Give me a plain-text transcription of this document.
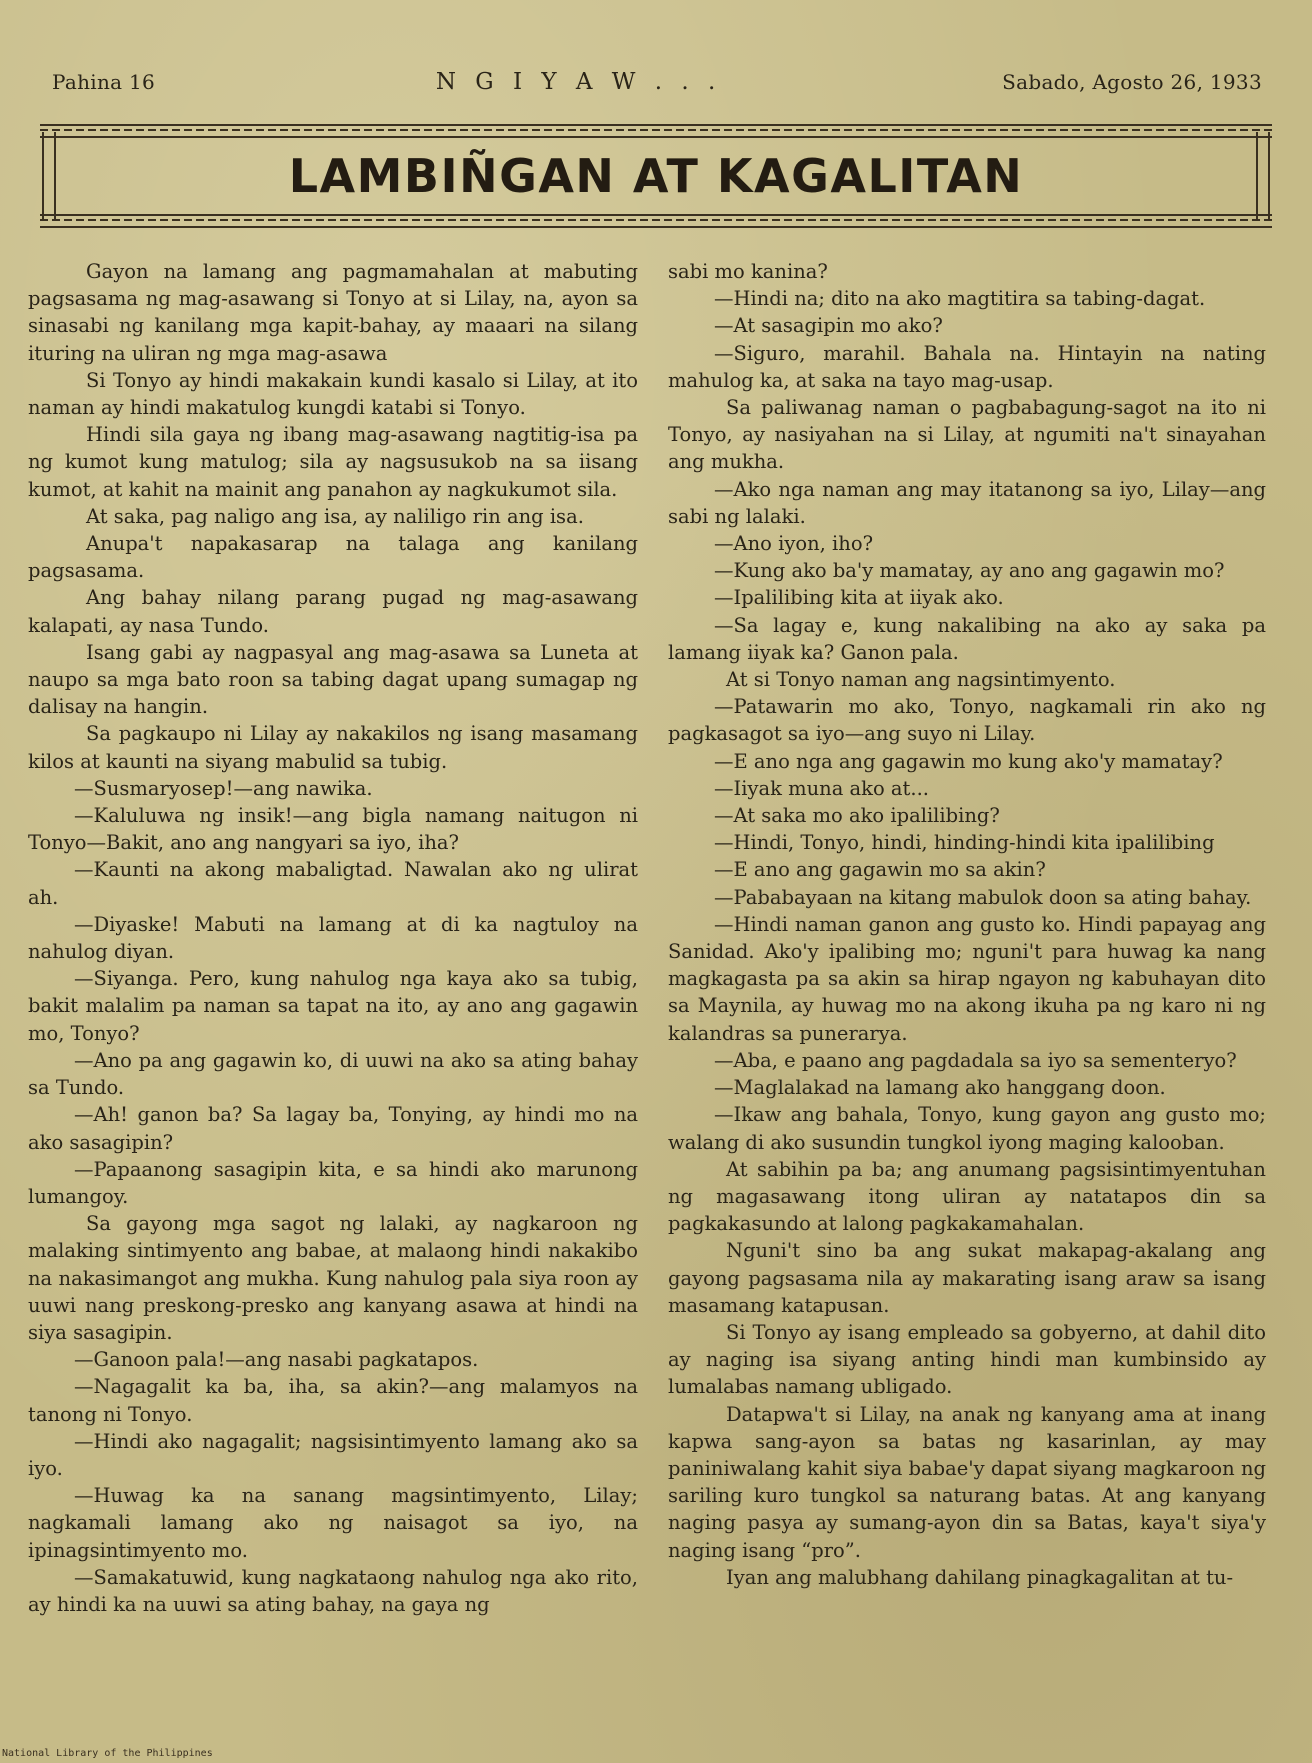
Pahina 16	N G I Y A W . . .	Sabado, Agosto 26, 1933
LAMBIÑGAN AT KAGALITAN

Gayon na lamang ang pagmamahalan at mabuting pagsasama ng mag-asawang si Tonyo at si Lilay, na, ayon sa sinasabi ng kanilang mga kapit-bahay, ay maaari na silang ituring na uliran ng mga mag-asawa

Si Tonyo ay hindi makakain kundi kasalo si Lilay, at ito naman ay hindi makatulog kungdi katabi si Tonyo.

Hindi sila gaya ng ibang mag-asawang nagtitig-isa pa ng kumot kung matulog; sila ay nagsusukob na sa iisang kumot, at kahit na mainit ang panahon ay nagkukumot sila.

At saka, pag naligo ang isa, ay naliligo rin ang isa.

Anupa't napakasarap na talaga ang kanilang pagsasama.

Ang bahay nilang parang pugad ng mag-asawang kalapati, ay nasa Tundo.

Isang gabi ay nagpasyal ang mag-asawa sa Luneta at naupo sa mga bato roon sa tabing dagat upang sumagap ng dalisay na hangin.

Sa pagkaupo ni Lilay ay nakakilos ng isang masamang kilos at kaunti na siyang mabulid sa tubig.

—Susmaryosep!—ang nawika.

—Kaluluwa ng insik!—ang bigla namang naitugon ni Tonyo—Bakit, ano ang nangyari sa iyo, iha?

—Kaunti na akong mabaligtad. Nawalan ako ng ulirat ah.

—Diyaske! Mabuti na lamang at di ka nagtuloy na nahulog diyan.

—Siyanga. Pero, kung nahulog nga kaya ako sa tubig, bakit malalim pa naman sa tapat na ito, ay ano ang gagawin mo, Tonyo?

—Ano pa ang gagawin ko, di uuwi na ako sa ating bahay sa Tundo.

—Ah! ganon ba? Sa lagay ba, Tonying, ay hindi mo na ako sasagipin?

—Papaanong sasagipin kita, e sa hindi ako marunong lumangoy.

Sa gayong mga sagot ng lalaki, ay nagkaroon ng malaking sintimyento ang babae, at malaong hindi nakakibo na nakasimangot ang mukha. Kung nahulog pala siya roon ay uuwi nang preskong-presko ang kanyang asawa at hindi na siya sasagipin.

—Ganoon pala!—ang nasabi pagkatapos.

—Nagagalit ka ba, iha, sa akin?—ang malamyos na tanong ni Tonyo.

—Hindi ako nagagalit; nagsisintimyento lamang ako sa iyo.

—Huwag ka na sanang magsintimyento, Lilay; nagkamali lamang ako ng naisagot sa iyo, na ipinagsintimyento mo.

—Samakatuwid, kung nagkataong nahulog nga ako rito, ay hindi ka na uuwi sa ating bahay, na gaya ng

sabi mo kanina?

—Hindi na; dito na ako magtitira sa tabing-dagat.

—At sasagipin mo ako?

—Siguro, marahil. Bahala na. Hintayin na nating mahulog ka, at saka na tayo mag-usap.

Sa paliwanag naman o pagbabagung-sagot na ito ni Tonyo, ay nasiyahan na si Lilay, at ngumiti na't sinayahan ang mukha.

—Ako nga naman ang may itatanong sa iyo, Lilay—ang sabi ng lalaki.

—Ano iyon, iho?

—Kung ako ba'y mamatay, ay ano ang gagawin mo?

—Ipalilibing kita at iiyak ako.

—Sa lagay e, kung nakalibing na ako ay saka pa lamang iiyak ka? Ganon pala.

At si Tonyo naman ang nagsintimyento.

—Patawarin mo ako, Tonyo, nagkamali rin ako ng pagkasagot sa iyo—ang suyo ni Lilay.

—E ano nga ang gagawin mo kung ako'y mamatay?

—Iiyak muna ako at...

—At saka mo ako ipalilibing?

—Hindi, Tonyo, hindi, hinding-hindi kita ipalilibing

—E ano ang gagawin mo sa akin?

—Pababayaan na kitang mabulok doon sa ating bahay.

—Hindi naman ganon ang gusto ko. Hindi papayag ang Sanidad. Ako'y ipalibing mo; nguni't para huwag ka nang magkagasta pa sa akin sa hirap ngayon ng kabuhayan dito sa Maynila, ay huwag mo na akong ikuha pa ng karo ni ng kalandras sa punerarya.

—Aba, e paano ang pagdadala sa iyo sa sementeryo?

—Maglalakad na lamang ako hanggang doon.

—Ikaw ang bahala, Tonyo, kung gayon ang gusto mo; walang di ako susundin tungkol iyong maging kalooban.

At sabihin pa ba; ang anumang pagsisintimyentuhan ng magasawang itong uliran ay natatapos din sa pagkakasundo at lalong pagkakamahalan.

Nguni't sino ba ang sukat makapag-akalang ang gayong pagsasama nila ay makarating isang araw sa isang masamang katapusan.

Si Tonyo ay isang empleado sa gobyerno, at dahil dito ay naging isa siyang anting hindi man kumbinsido ay lumalabas namang ubligado.

Datapwa't si Lilay, na anak ng kanyang ama at inang kapwa sang-ayon sa batas ng kasarinlan, ay may paniniwalang kahit siya babae'y dapat siyang magkaroon ng sariling kuro tungkol sa naturang batas. At ang kanyang naging pasya ay sumang-ayon din sa Batas, kaya't siya'y naging isang “pro”.

Iyan ang malubhang dahilang pinagkagalitan at tu-

National Library of the Philippines
